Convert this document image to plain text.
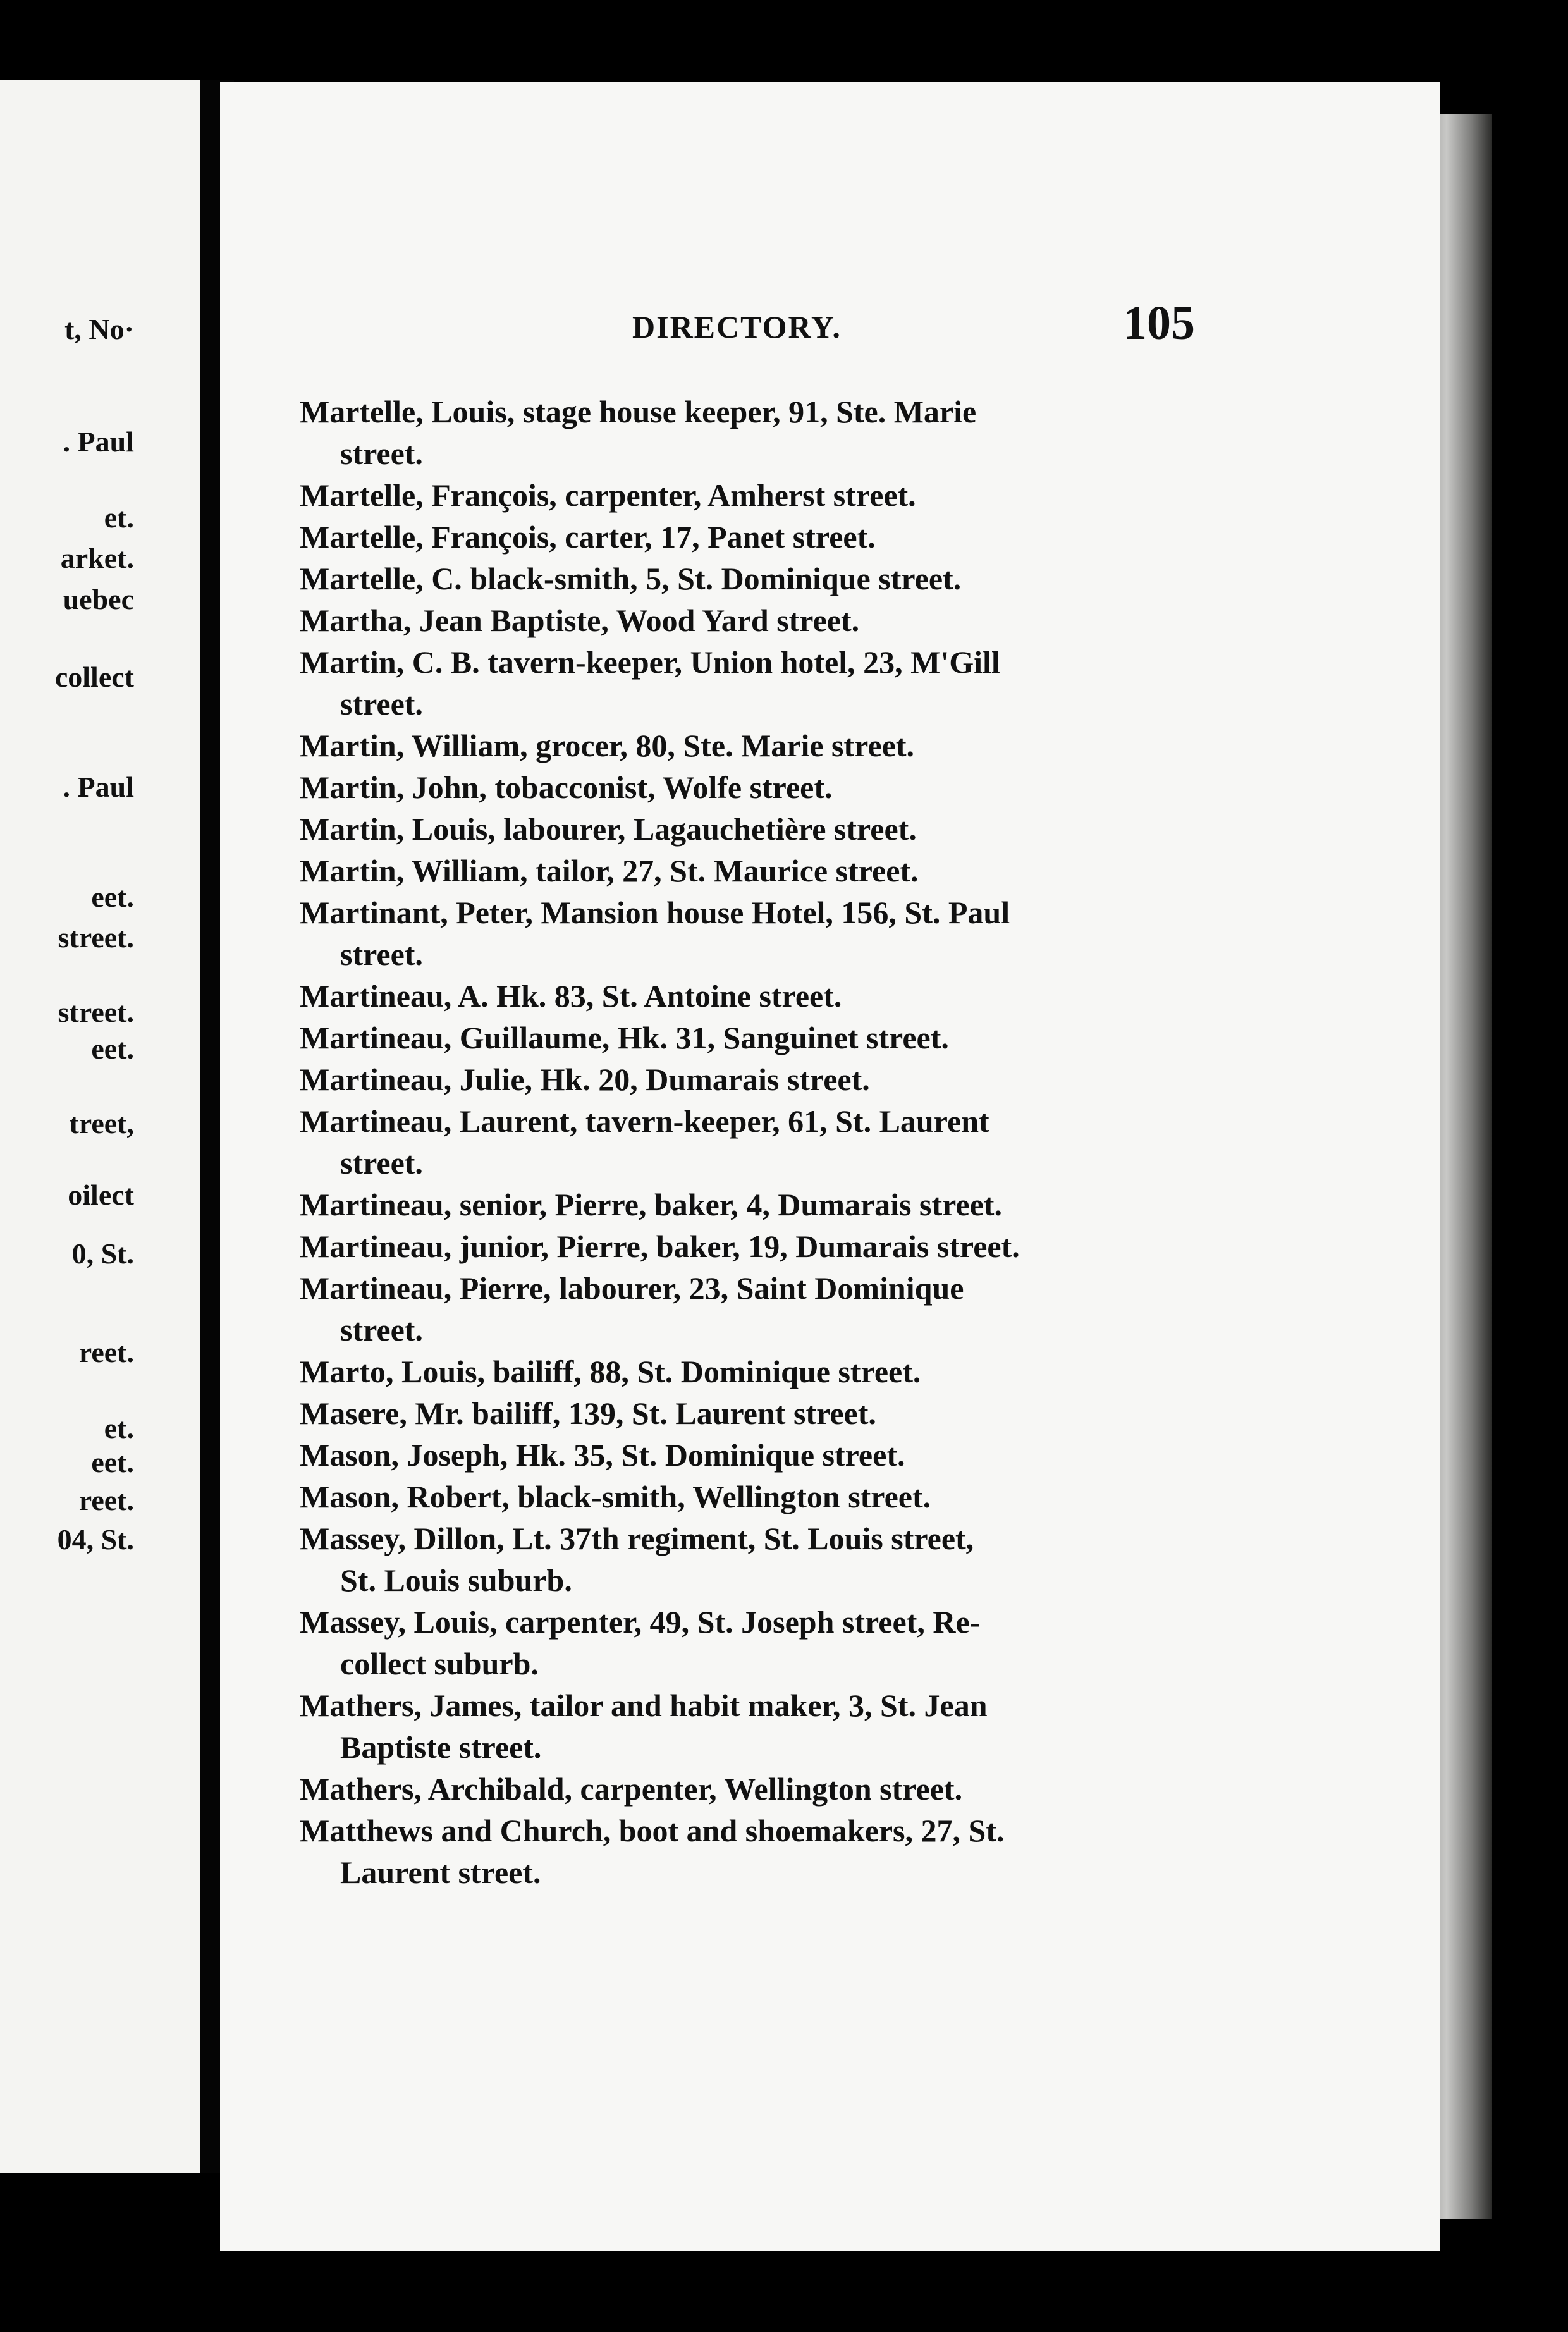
t, No·
. Paul
et.
arket.
uebec
collect
. Paul
eet.
street.
street.
eet.
treet,
oilect
0, St.
reet.
et.
eet.
reet.
04, St.
DIRECTORY.	105
Martelle, Louis, stage house keeper, 91, Ste. Marie
street.
Martelle, François, carpenter, Amherst street.
Martelle, François, carter, 17, Panet street.
Martelle, C. black-smith, 5, St. Dominique street.
Martha, Jean Baptiste, Wood Yard street.
Martin, C. B. tavern-keeper, Union hotel, 23, M'Gill
street.
Martin, William, grocer, 80, Ste. Marie street.
Martin, John, tobacconist, Wolfe street.
Martin, Louis, labourer, Lagauchetière street.
Martin, William, tailor, 27, St. Maurice street.
Martinant, Peter, Mansion house Hotel, 156, St. Paul
street.
Martineau, A. Hk. 83, St. Antoine street.
Martineau, Guillaume, Hk. 31, Sanguinet street.
Martineau, Julie, Hk. 20, Dumarais street.
Martineau, Laurent, tavern-keeper, 61, St. Laurent
street.
Martineau, senior, Pierre, baker, 4, Dumarais street.
Martineau, junior, Pierre, baker, 19, Dumarais street.
Martineau, Pierre, labourer, 23, Saint Dominique
street.
Marto, Louis, bailiff, 88, St. Dominique street.
Masere, Mr. bailiff, 139, St. Laurent street.
Mason, Joseph, Hk. 35, St. Dominique street.
Mason, Robert, black-smith, Wellington street.
Massey, Dillon, Lt. 37th regiment, St. Louis street,
St. Louis suburb.
Massey, Louis, carpenter, 49, St. Joseph street, Re-
collect suburb.
Mathers, James, tailor and habit maker, 3, St. Jean
Baptiste street.
Mathers, Archibald, carpenter, Wellington street.
Matthews and Church, boot and shoemakers, 27, St.
Laurent street.
